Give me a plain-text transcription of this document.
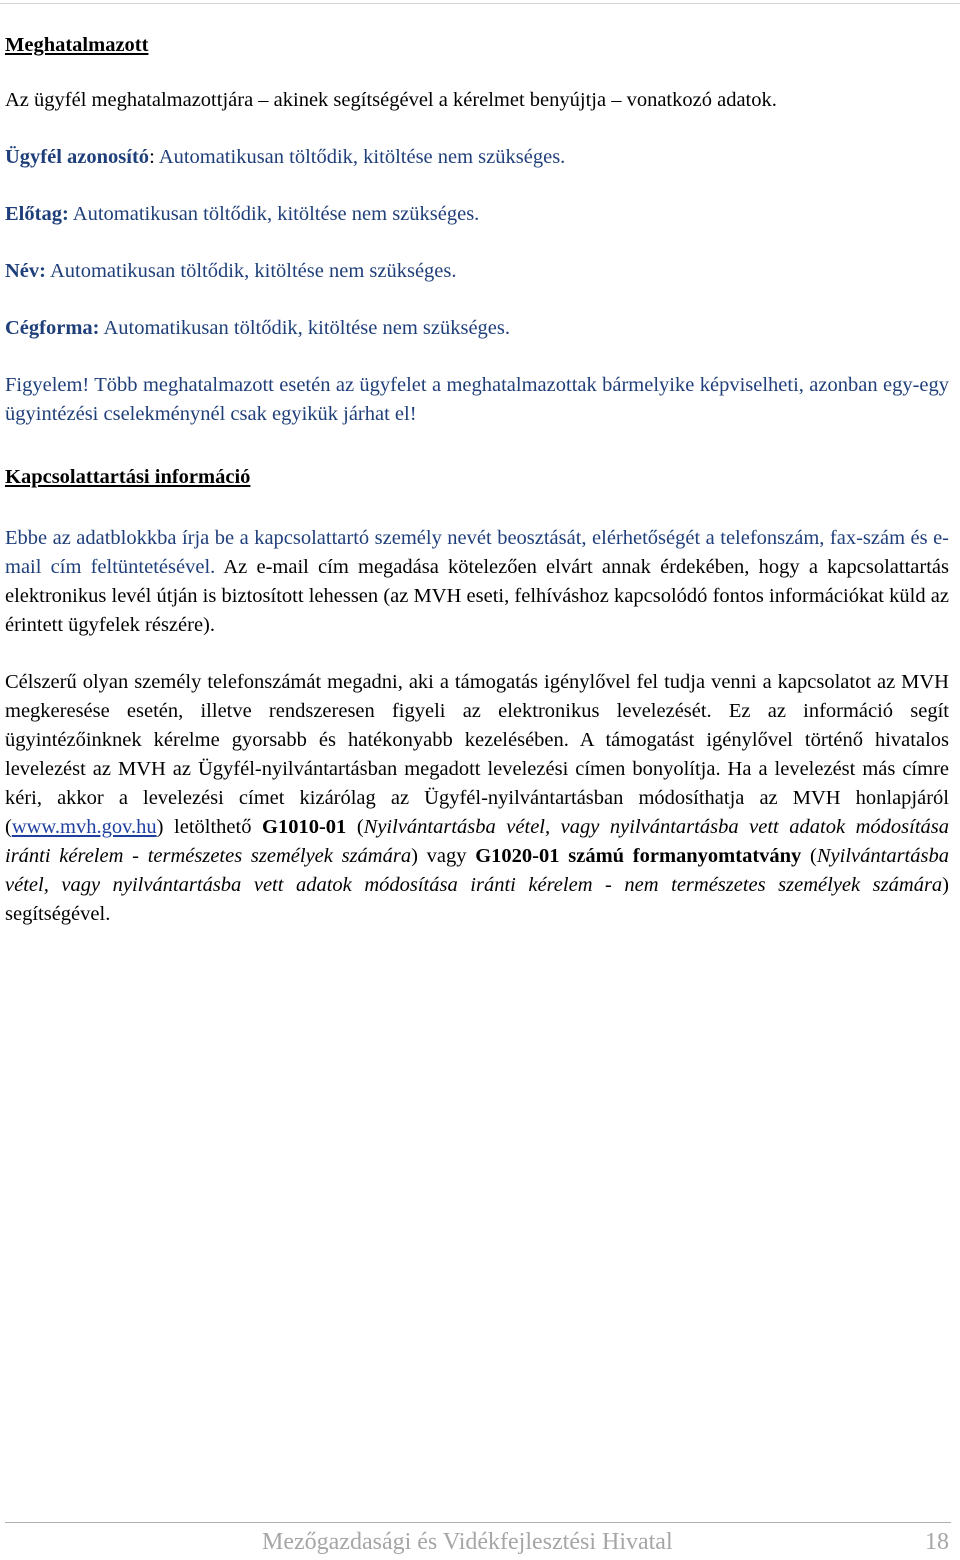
Meghatalmazott

Az ügyfél meghatalmazottjára – akinek segítségével a kérelmet benyújtja – vonatkozó adatok.

Ügyfél azonosító: Automatikusan töltődik, kitöltése nem szükséges.

Előtag: Automatikusan töltődik, kitöltése nem szükséges.

Név: Automatikusan töltődik, kitöltése nem szükséges.

Cégforma: Automatikusan töltődik, kitöltése nem szükséges.

Figyelem! Több meghatalmazott esetén az ügyfelet a meghatalmazottak bármelyike képviselheti, azonban egy-egy ügyintézési cselekménynél csak egyikük járhat el!

Kapcsolattartási információ

Ebbe az adatblokkba írja be a kapcsolattartó személy nevét beosztását, elérhetőségét a telefonszám, fax-szám és e-mail cím feltüntetésével. Az e-mail cím megadása kötelezően elvárt annak érdekében, hogy a kapcsolattartás elektronikus levél útján is biztosított lehessen (az MVH eseti, felhíváshoz kapcsolódó fontos információkat küld az érintett ügyfelek részére).

Célszerű olyan személy telefonszámát megadni, aki a támogatás igénylővel fel tudja venni a kapcsolatot az MVH megkeresése esetén, illetve rendszeresen figyeli az elektronikus levelezését. Ez az információ segít ügyintézőinknek kérelme gyorsabb és hatékonyabb kezelésében. A támogatást igénylővel történő hivatalos levelezést az MVH az Ügyfél-nyilvántartásban megadott levelezési címen bonyolítja. Ha a levelezést más címre kéri, akkor a levelezési címet kizárólag az Ügyfél-nyilvántartásban módosíthatja az MVH honlapjáról (www.mvh.gov.hu) letölthető G1010-01 (Nyilvántartásba vétel, vagy nyilvántartásba vett adatok módosítása iránti kérelem - természetes személyek számára) vagy G1020-01 számú formanyomtatvány (Nyilvántartásba vétel, vagy nyilvántartásba vett adatok módosítása iránti kérelem - nem természetes személyek számára) segítségével.

Mezőgazdasági és Vidékfejlesztési Hivatal	18
